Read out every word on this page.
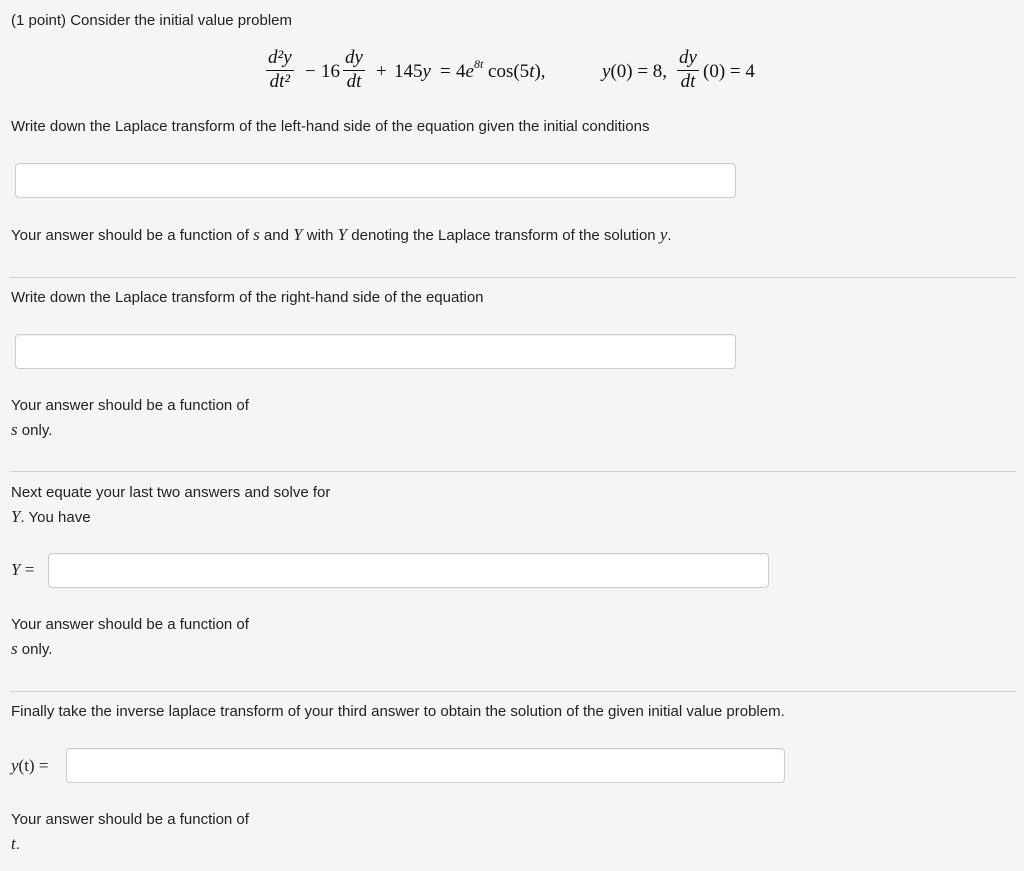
(1 point) Consider the initial value problem
d²y
dt² − 16
dy
dt + $145y = 4e^{8t}$ cos(5t),	y(0) = 8,
dy
dt (0) = 4
Write down the Laplace transform of the left-hand side of the equation given the initial conditions
Your answer should be a function of s and Y with Y denoting the Laplace transform of the solution y.
Write down the Laplace transform of the right-hand side of the equation
Your answer should be a function of
s only.
Next equate your last two answers and solve for
Y. You have
Y =
Your answer should be a function of
s only.
Finally take the inverse laplace transform of your third answer to obtain the solution of the given initial value problem.
y(t) =
Your answer should be a function of
t.
